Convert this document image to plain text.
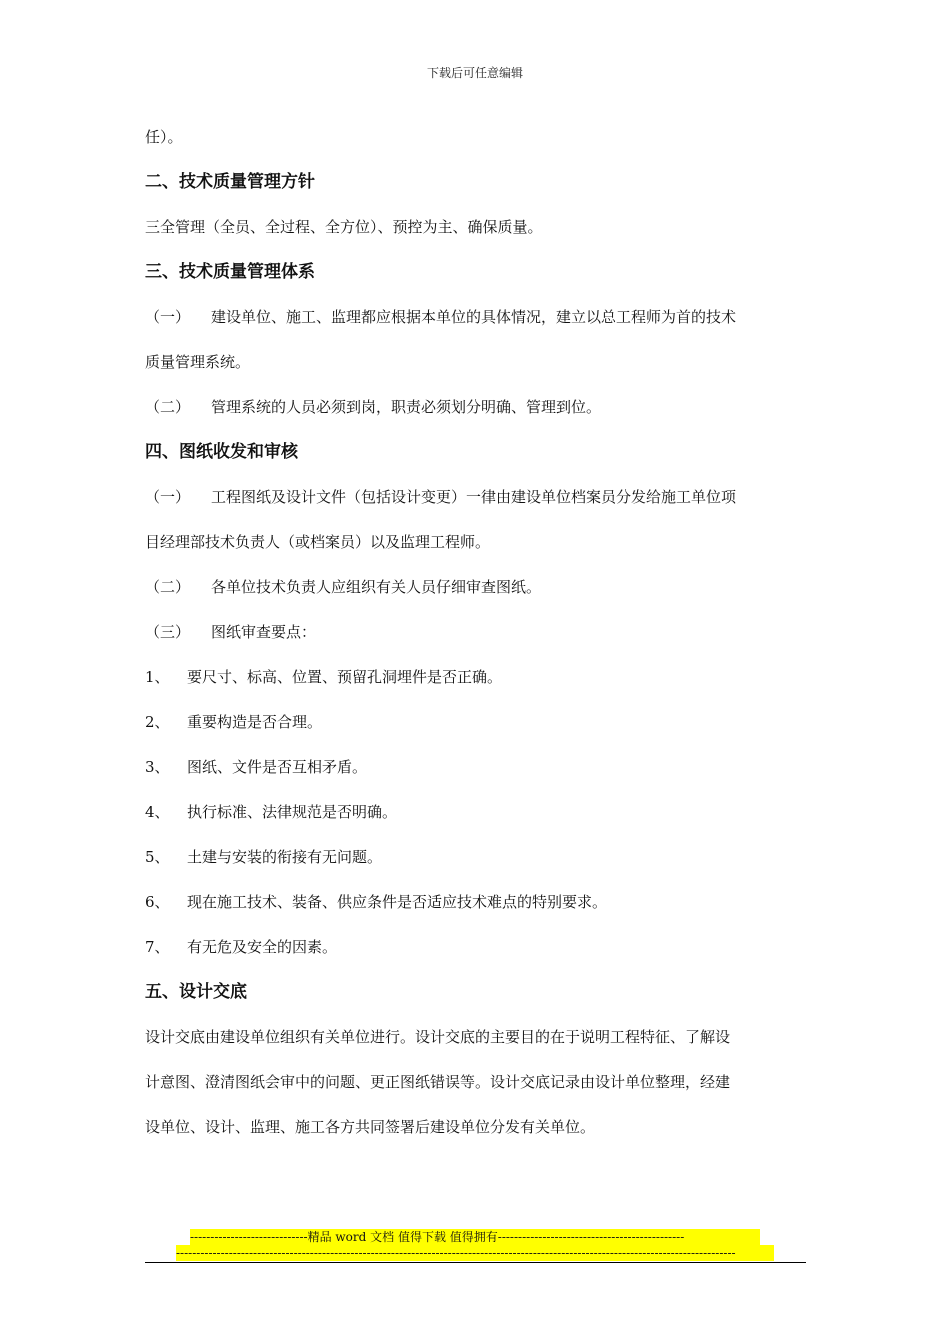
下载后可任意编辑
任）。
二、技术质量管理方针
三全管理（全员、全过程、全方位）、预控为主、确保质量。
三、技术质量管理体系
（一） 建设单位、施工、监理都应根据本单位的具体情况，建立以总工程师为首的技术
质量管理系统。
（二） 管理系统的人员必须到岗，职责必须划分明确、管理到位。
四、图纸收发和审核
（一） 工程图纸及设计文件（包括设计变更）一律由建设单位档案员分发给施工单位项
目经理部技术负责人（或档案员）以及监理工程师。
（二） 各单位技术负责人应组织有关人员仔细审查图纸。
（三） 图纸审查要点：
1、 要尺寸、标高、位置、预留孔洞埋件是否正确。
2、 重要构造是否合理。
3、 图纸、文件是否互相矛盾。
4、 执行标准、法律规范是否明确。
5、 土建与安装的衔接有无问题。
6、 现在施工技术、装备、供应条件是否适应技术难点的特别要求。
7、 有无危及安全的因素。
五、设计交底
设计交底由建设单位组织有关单位进行。设计交底的主要目的在于说明工程特征、了解设
计意图、澄清图纸会审中的问题、更正图纸错误等。设计交底记录由设计单位整理，经建
设单位、设计、监理、施工各方共同签署后建设单位分发有关单位。
-----------------------------精品 word 文档 值得下载 值得拥有----------------------------------------------
------------------------------------------------------------------------------------------------------------------------------------------
